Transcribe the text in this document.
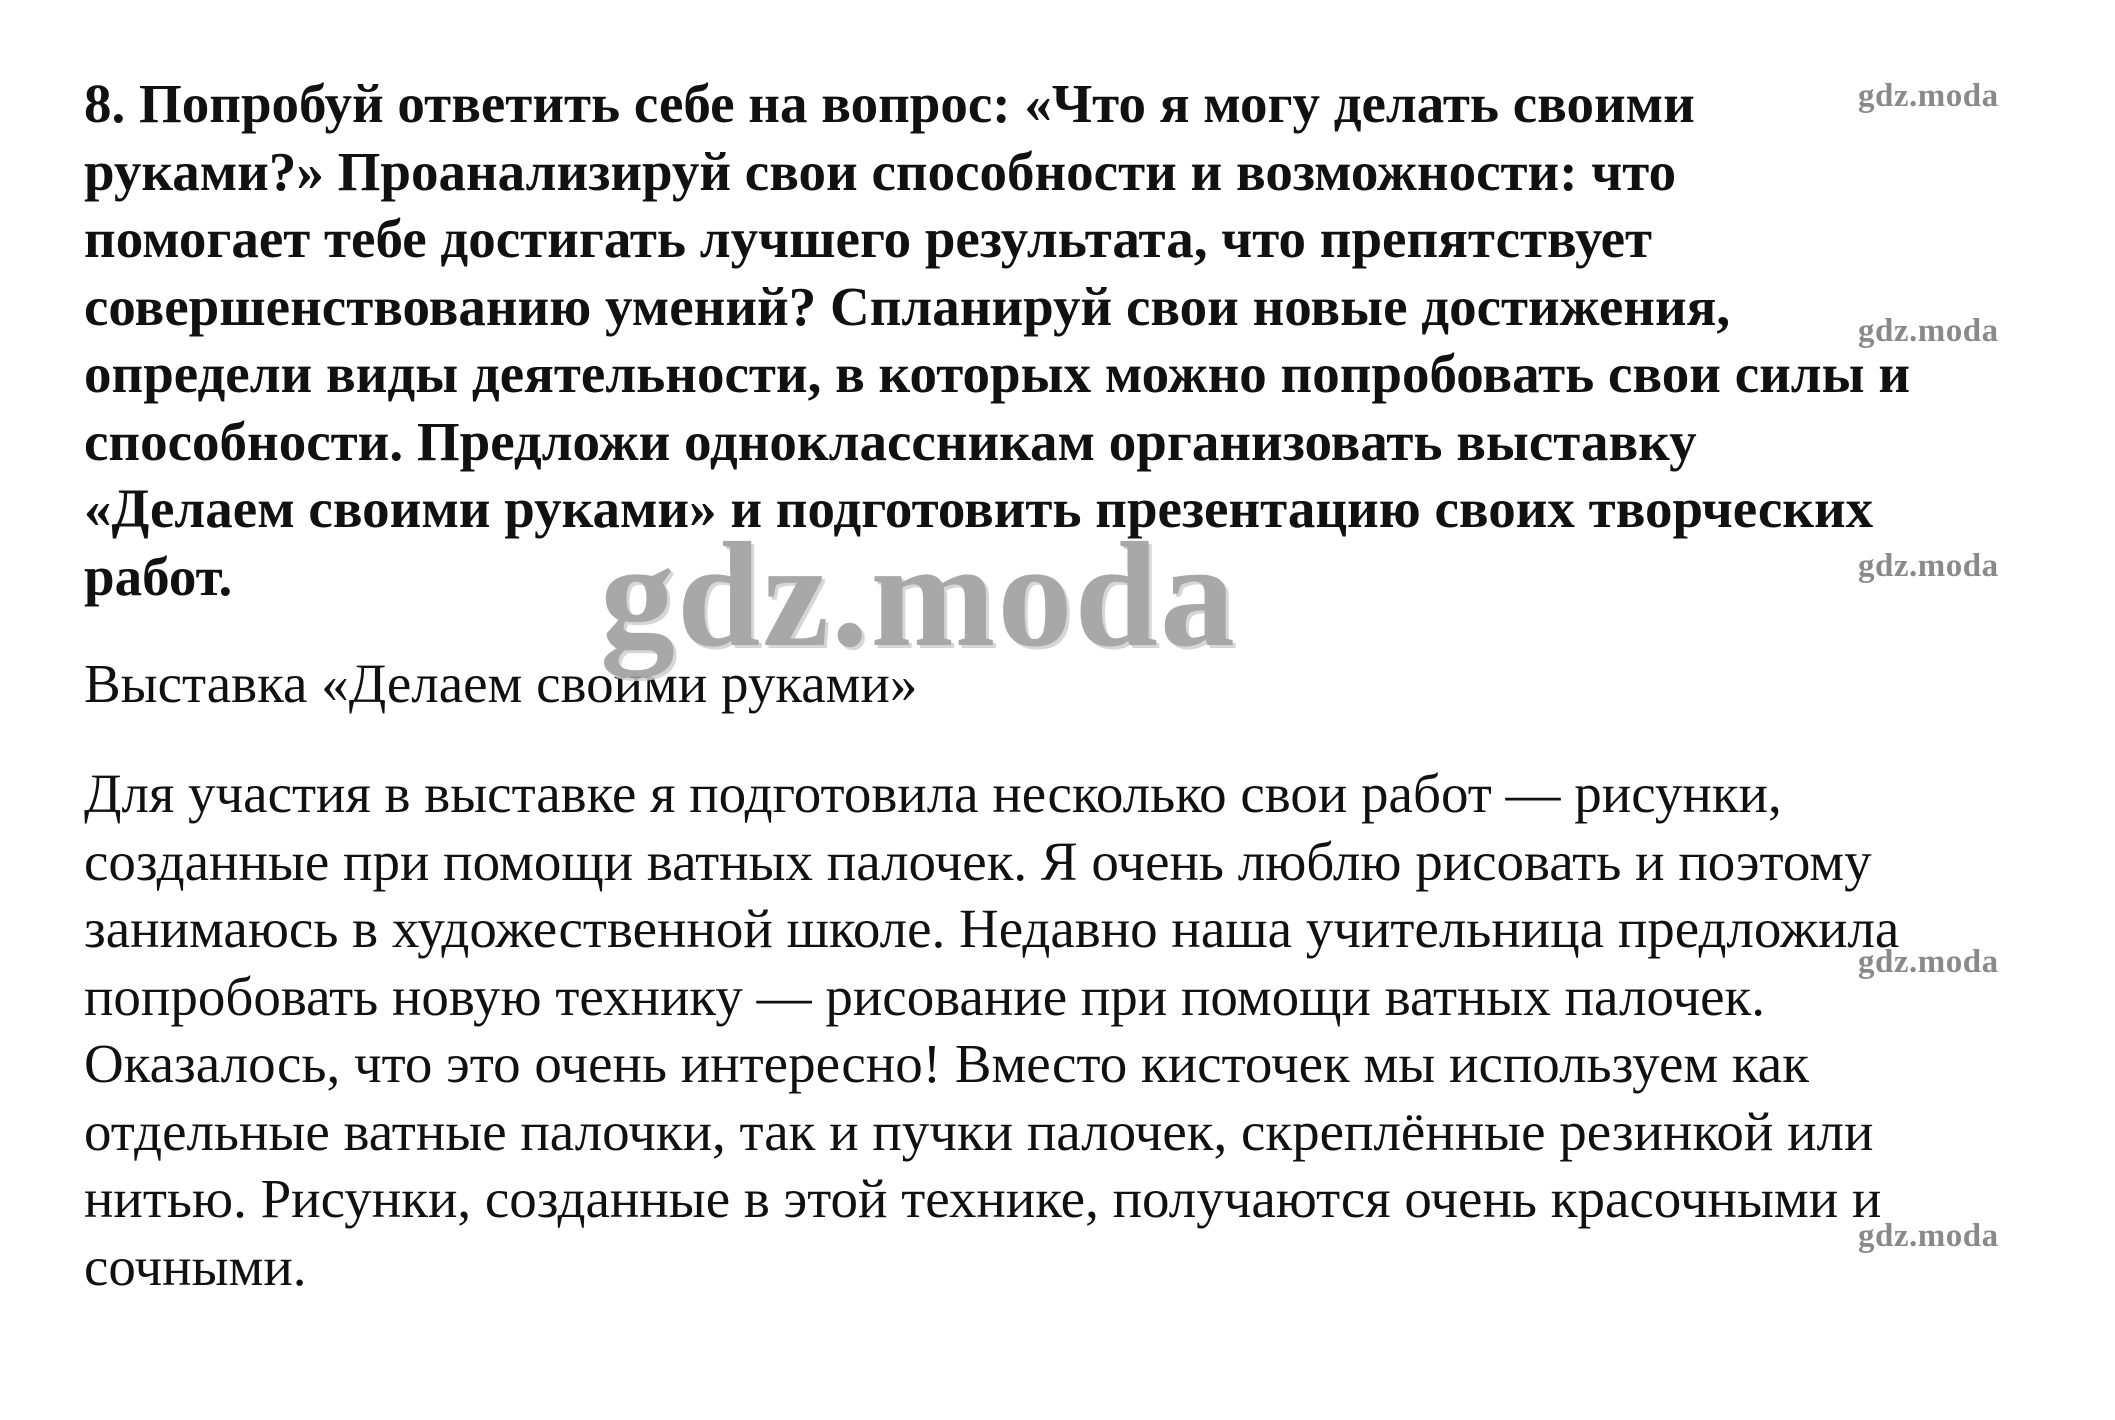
8. Попробуй ответить себе на вопрос: «Что я могу делать своими
руками?» Проанализируй свои способности и возможности: что
помогает тебе достигать лучшего результата, что препятствует
совершенствованию умений? Спланируй свои новые достижения,
определи виды деятельности, в которых можно попробовать свои силы и
способности. Предложи одноклассникам организовать выставку
«Делаем своими руками» и подготовить презентацию своих творческих
работ.

Выставка «Делаем своими руками»

Для участия в выставке я подготовила несколько свои работ — рисунки,
созданные при помощи ватных палочек. Я очень люблю рисовать и поэтому
занимаюсь в художественной школе. Недавно наша учительница предложила
попробовать новую технику — рисование при помощи ватных палочек.
Оказалось, что это очень интересно! Вместо кисточек мы используем как
отдельные ватные палочки, так и пучки палочек, скреплённые резинкой или
нитью. Рисунки, созданные в этой технике, получаются очень красочными и
сочными.

gdz.moda
gdz.moda
gdz.moda
gdz.moda
gdz.moda
gdz.moda
